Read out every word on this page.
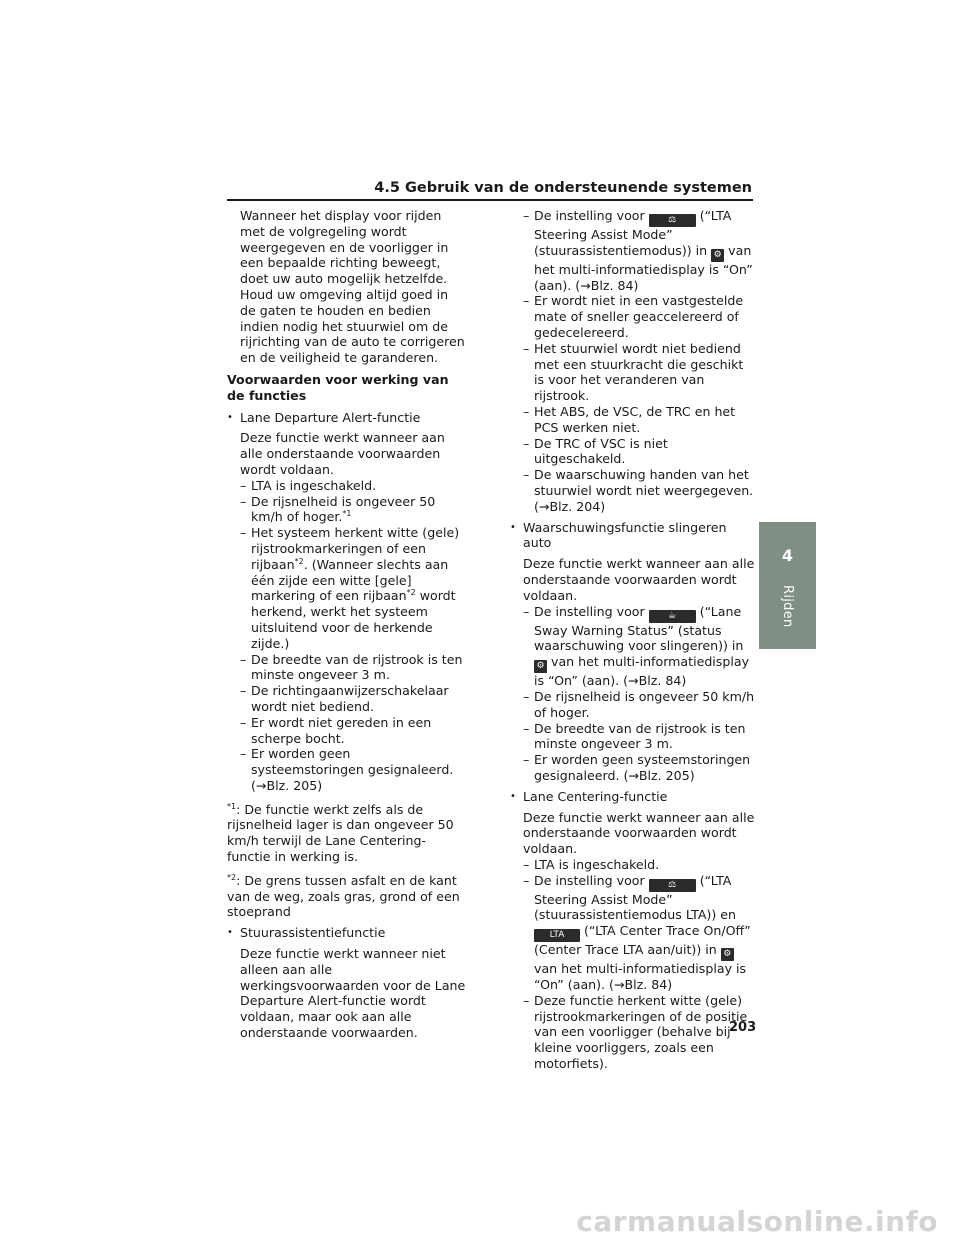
4.5 Gebruik van de ondersteunende systemen
4
Rijden
Wanneer het display voor rijden met de volgregeling wordt weergegeven en de voorligger in een bepaalde richting beweegt, doet uw auto mogelijk hetzelfde. Houd uw omgeving altijd goed in de gaten te houden en bedien indien nodig het stuurwiel om de rijrichting van de auto te corrigeren en de veiligheid te garanderen.
Voorwaarden voor werking van de functies
• Lane Departure Alert-functie
Deze functie werkt wanneer aan alle onderstaande voorwaarden wordt voldaan.
– LTA is ingeschakeld.
– De rijsnelheid is ongeveer 50 km/h of hoger.$^{*1}$
– Het systeem herkent witte (gele) rijstrookmarkeringen of een rijbaan$^{*2}$. (Wanneer slechts aan één zijde een witte [gele] markering of een rijbaan$^{*2}$ wordt herkend, werkt het systeem uitsluitend voor de herkende zijde.)
– De breedte van de rijstrook is ten minste ongeveer 3 m.
– De richtingaanwijzerschakelaar wordt niet bediend.
– Er wordt niet gereden in een scherpe bocht.
– Er worden geen systeemstoringen gesignaleerd. (→Blz. 205)
$^{*1}$: De functie werkt zelfs als de rijsnelheid lager is dan ongeveer 50 km/h terwijl de Lane Centering-functie in werking is.
$^{*2}$: De grens tussen asfalt en de kant van de weg, zoals gras, grond of een stoeprand
• Stuurassistentiefunctie
Deze functie werkt wanneer niet alleen aan alle werkingsvoorwaarden voor de Lane Departure Alert-functie wordt voldaan, maar ook aan alle onderstaande voorwaarden.
– De instelling voor	⚖ (“LTA Steering Assist Mode” (stuurassistentiemodus)) in ⚙ van het multi-informatiedisplay is “On” (aan). (→Blz. 84)
– Er wordt niet in een vastgestelde mate of sneller geaccelereerd of gedecelereerd.
– Het stuurwiel wordt niet bediend met een stuurkracht die geschikt is voor het veranderen van rijstrook.
– Het ABS, de VSC, de TRC en het PCS werken niet.
– De TRC of VSC is niet uitgeschakeld.
– De waarschuwing handen van het stuurwiel wordt niet weergegeven. (→Blz. 204)
• Waarschuwingsfunctie slingeren auto
Deze functie werkt wanneer aan alle onderstaande voorwaarden wordt voldaan.
– De instelling voor	☕ (“Lane Sway Warning Status” (status waarschuwing voor slingeren)) in ⚙ van het multi-informatiedisplay is “On” (aan). (→Blz. 84)
– De rijsnelheid is ongeveer 50 km/h of hoger.
– De breedte van de rijstrook is ten minste ongeveer 3 m.
– Er worden geen systeemstoringen gesignaleerd. (→Blz. 205)
• Lane Centering-functie
Deze functie werkt wanneer aan alle onderstaande voorwaarden wordt voldaan.
– LTA is ingeschakeld.
– De instelling voor	⚖ (“LTA Steering Assist Mode” (stuurassistentiemodus LTA)) en LTA (“LTA Center Trace On/Off” (Center Trace LTA aan/uit)) in ⚙ van het multi-informatiedisplay is “On” (aan). (→Blz. 84)
– Deze functie herkent witte (gele) rijstrookmarkeringen of de positie van een voorligger (behalve bij kleine voorliggers, zoals een motorfiets).
203
carmanualsonline.info
